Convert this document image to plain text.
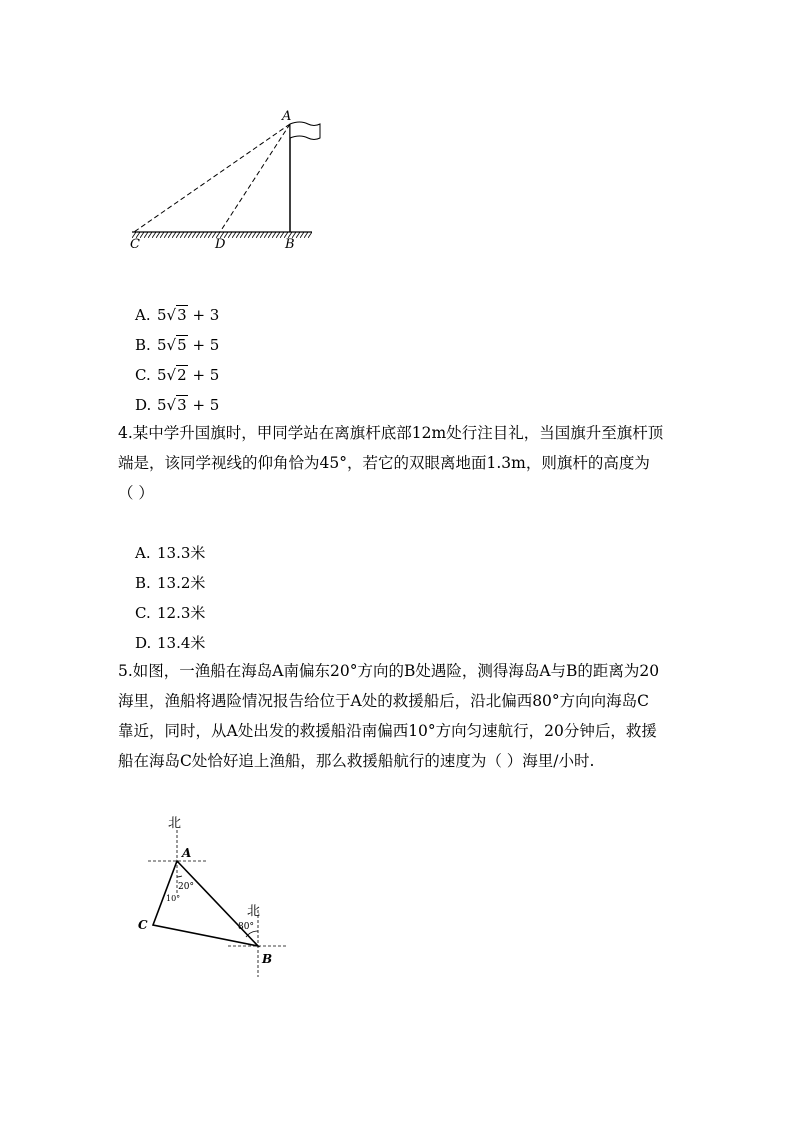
A
C	D	B
A. 5√3 + 3
B. 5√5 + 5
C. 5√2 + 5
D. 5√3 + 5

4.某中学升国旗时，甲同学站在离旗杆底部12m处行注目礼，当国旗升至旗杆顶

端是，该同学视线的仰角恰为45°，若它的双眼离地面1.3m，则旗杆的高度为

（ ）

A. 13.3米
B. 13.2米
C. 12.3米
D. 13.4米

5.如图，一渔船在海岛A南偏东20°方向的B处遇险，测得海岛A与B的距离为20

海里，渔船将遇险情况报告给位于A处的救援船后，沿北偏西80°方向向海岛C

靠近，同时，从A处出发的救援船沿南偏西10°方向匀速航行，20分钟后，救援

船在海岛C处恰好追上渔船，那么救援船航行的速度为（ ）海里/小时.

北
北
A
B
C
20°
10°
80°
